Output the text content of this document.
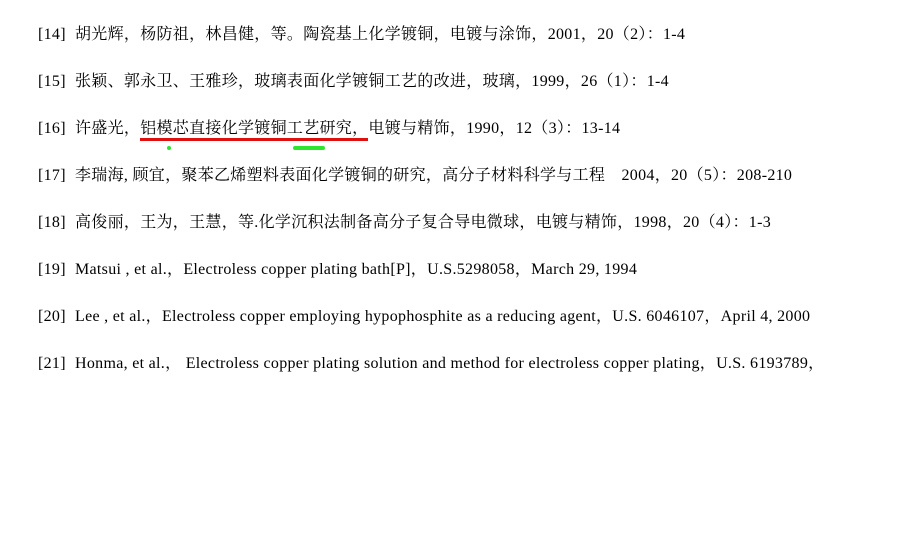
[14] 胡光辉，杨防祖，林昌健，等。陶瓷基上化学镀铜，电镀与涂饰，2001，20（2）：1-4
[15] 张颖、郭永卫、王雅珍，玻璃表面化学镀铜工艺的改进，玻璃，1999，26（1）：1-4
[16] 许盛光，铝模芯直接化学镀铜工艺研究，电镀与精饰，1990，12（3）：13-14
[17] 李瑞海, 顾宜，聚苯乙烯塑料表面化学镀铜的研究，高分子材料科学与工程　2004，20（5）：208-210
[18] 高俊丽，王为，王慧，等.化学沉积法制备高分子复合导电微球，电镀与精饰，1998，20（4）：1-3
[19] Matsui , et al.，Electroless copper plating bath[P]，U.S.5298058，March 29, 1994
[20] Lee , et al.，Electroless copper employing hypophosphite as a reducing agent，U.S. 6046107，April 4, 2000
[21] Honma, et al.， Electroless copper plating solution and method for electroless copper plating，U.S. 6193789，
